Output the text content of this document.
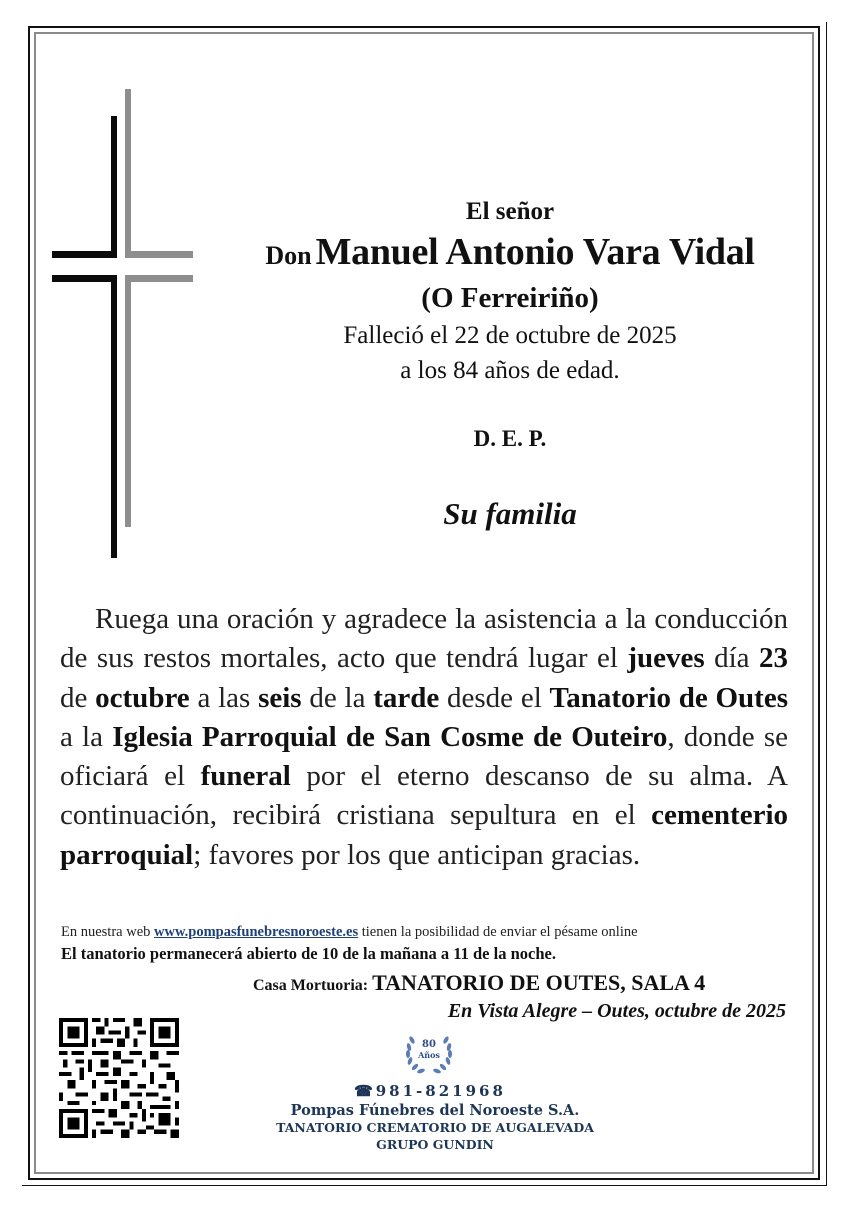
El señor
Don Manuel Antonio Vara Vidal
(O Ferreiriño)
Falleció el 22 de octubre de 2025
a los 84 años de edad.
D. E. P.
Su familia
Ruega una oración y agradece la asistencia a la conducción de sus restos mortales, acto que tendrá lugar el jueves día 23 de octubre a las seis de la tarde desde el Tanatorio de Outes  a la Iglesia Parroquial de San Cosme de Outeiro, donde se oficiará el funeral por el eterno descanso de su alma. A continuación, recibirá cristiana sepultura en el cementerio parroquial; favores por los que anticipan gracias.
En nuestra web www.pompasfunebresnoroeste.es tienen la posibilidad de enviar el pésame online
El tanatorio permanecerá abierto de 10 de la mañana a 11 de la noche.
Casa Mortuoria: TANATORIO DE OUTES, SALA 4
En Vista Alegre – Outes, octubre de 2025
80
Años
☎981-821968
Pompas Fúnebres del Noroeste S.A.
TANATORIO CREMATORIO DE AUGALEVADA
GRUPO GUNDIN
